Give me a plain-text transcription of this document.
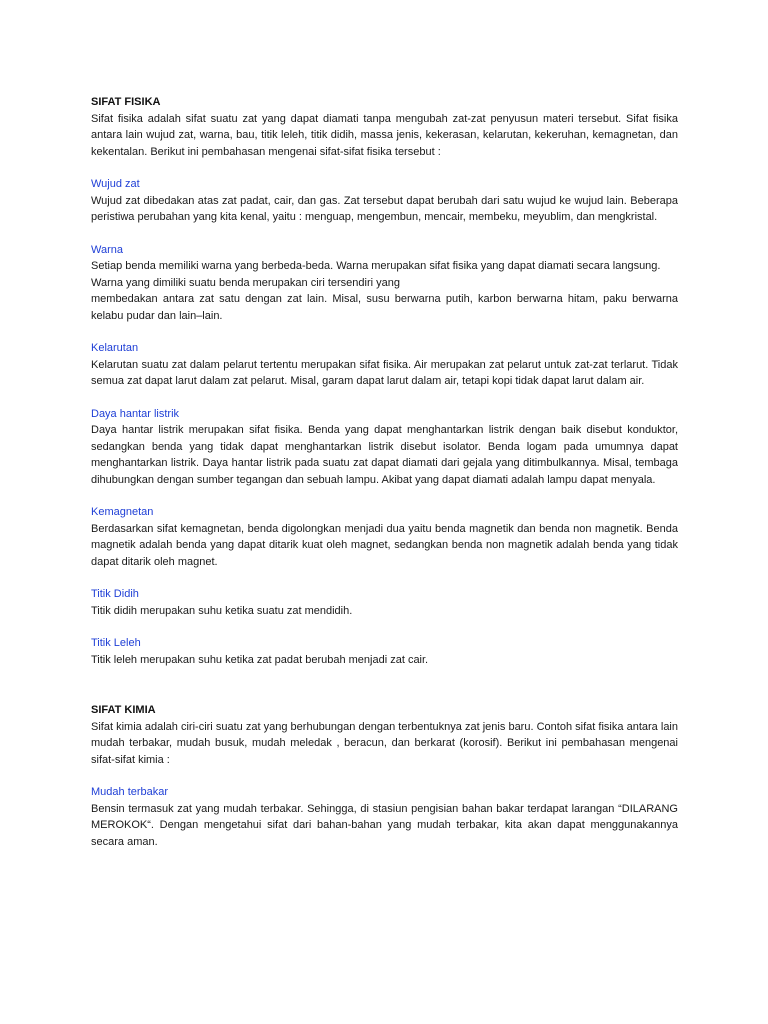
SIFAT FISIKA

Sifat fisika adalah sifat suatu zat yang dapat diamati tanpa mengubah zat-zat penyusun materi tersebut. Sifat fisika antara lain wujud zat, warna, bau, titik leleh, titik didih, massa jenis, kekerasan, kelarutan, kekeruhan, kemagnetan, dan kekentalan. Berikut ini pembahasan mengenai sifat-sifat fisika tersebut :

Wujud zat

Wujud zat dibedakan atas zat padat, cair, dan gas. Zat tersebut dapat berubah dari satu wujud ke wujud lain. Beberapa peristiwa perubahan yang kita kenal, yaitu : menguap, mengembun, mencair, membeku, meyublim, dan mengkristal.

Warna

Setiap benda memiliki warna yang berbeda-beda. Warna merupakan sifat fisika yang dapat diamati secara langsung. Warna yang dimiliki suatu benda merupakan ciri tersendiri yang

membedakan antara zat satu dengan zat lain. Misal, susu berwarna putih, karbon berwarna hitam, paku berwarna kelabu pudar dan lain–lain.

Kelarutan

Kelarutan suatu zat dalam pelarut tertentu merupakan sifat fisika. Air merupakan zat pelarut untuk zat-zat terlarut. Tidak semua zat dapat larut dalam zat pelarut. Misal, garam dapat larut dalam air, tetapi kopi tidak dapat larut dalam air.

Daya hantar listrik

Daya hantar listrik merupakan sifat fisika. Benda yang dapat menghantarkan listrik dengan baik disebut konduktor, sedangkan benda yang tidak dapat menghantarkan listrik disebut isolator. Benda logam pada umumnya dapat menghantarkan listrik. Daya hantar listrik pada suatu zat dapat diamati dari gejala yang ditimbulkannya. Misal, tembaga dihubungkan dengan sumber tegangan dan sebuah lampu. Akibat yang dapat diamati adalah lampu dapat menyala.

Kemagnetan

Berdasarkan sifat kemagnetan, benda digolongkan menjadi dua yaitu benda magnetik dan benda non magnetik. Benda magnetik adalah benda yang dapat ditarik kuat oleh magnet, sedangkan benda non magnetik adalah benda yang tidak dapat ditarik oleh magnet.

Titik Didih

Titik didih merupakan suhu ketika suatu zat mendidih.

Titik Leleh

Titik leleh merupakan suhu ketika zat padat berubah menjadi zat cair.

SIFAT KIMIA

Sifat kimia adalah ciri-ciri suatu zat yang berhubungan dengan terbentuknya zat jenis baru. Contoh sifat fisika antara lain mudah terbakar, mudah busuk, mudah meledak , beracun, dan berkarat (korosif). Berikut ini pembahasan mengenai sifat-sifat kimia :

Mudah terbakar

Bensin termasuk zat yang mudah terbakar. Sehingga, di stasiun pengisian bahan bakar terdapat larangan “DILARANG MEROKOK“. Dengan mengetahui sifat dari bahan-bahan yang mudah terbakar, kita akan dapat menggunakannya secara aman.
